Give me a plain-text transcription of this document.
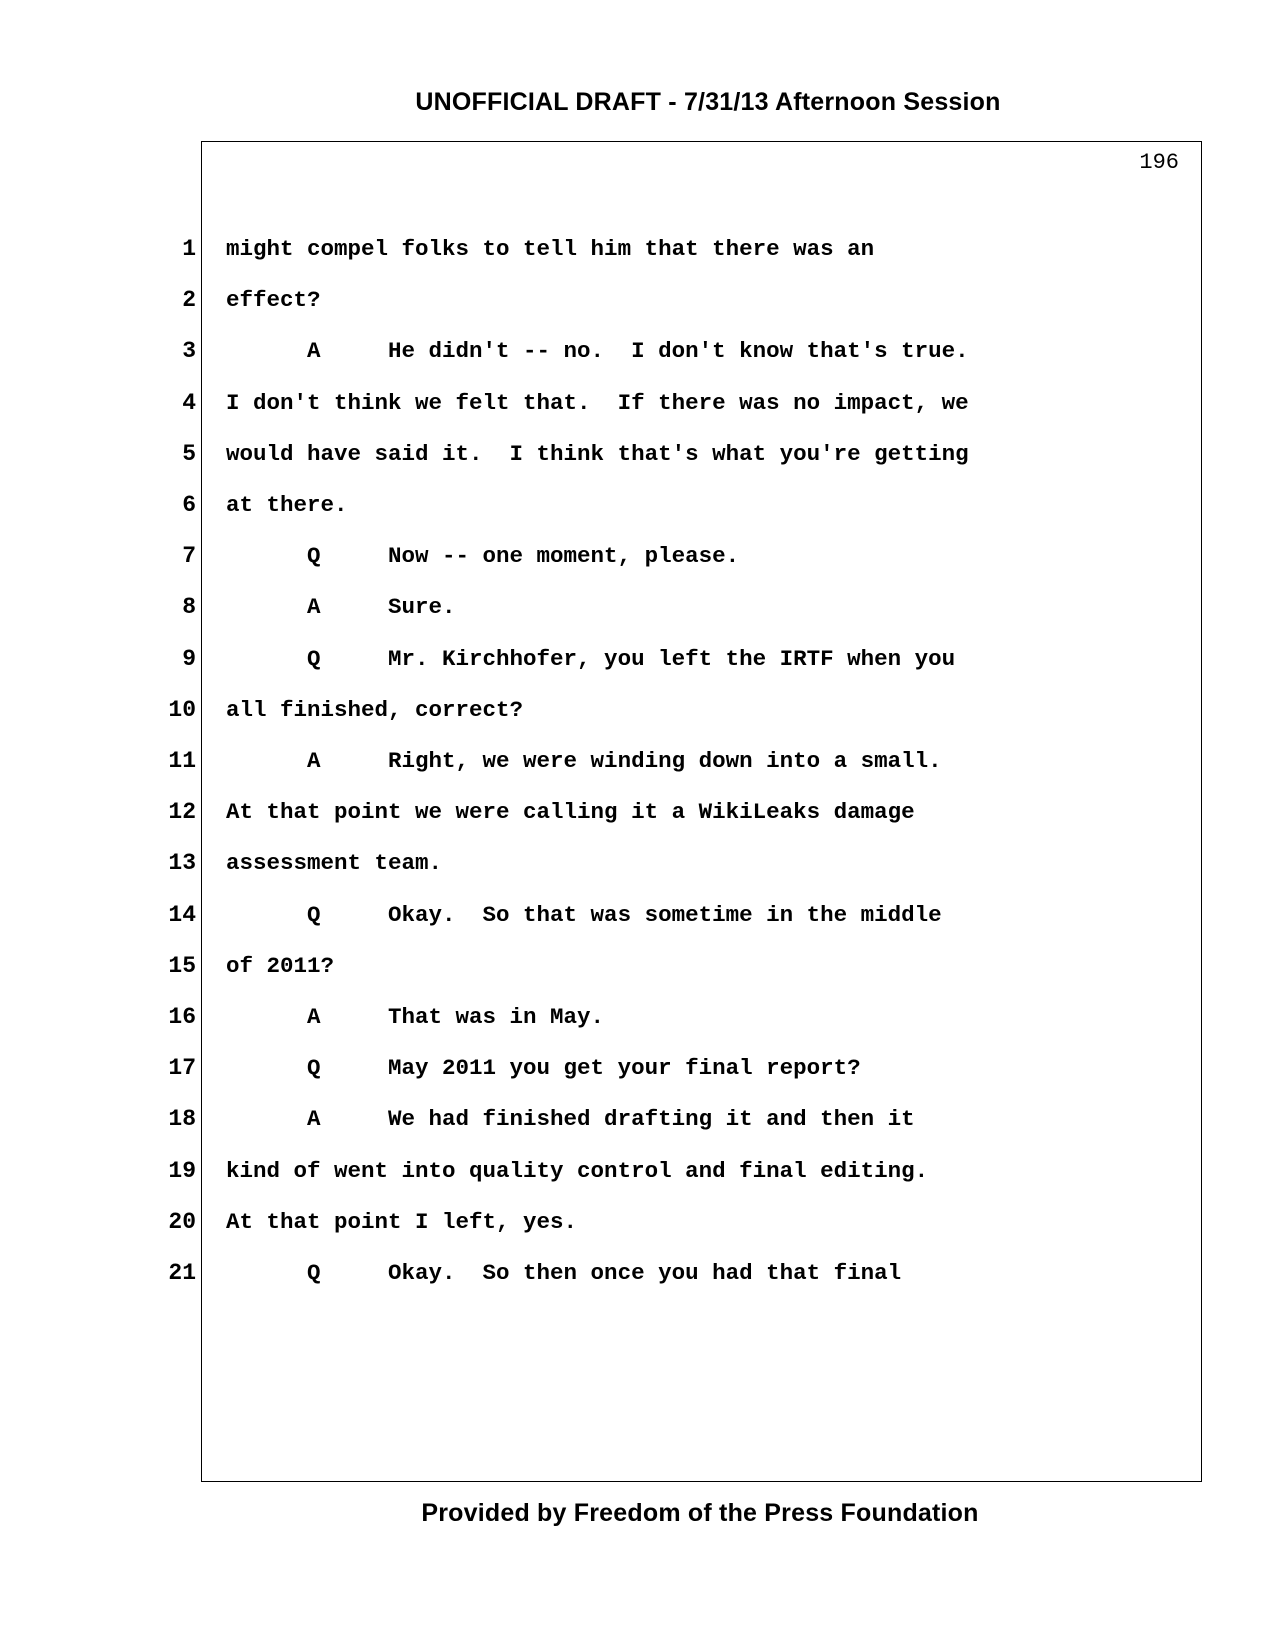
UNOFFICIAL DRAFT - 7/31/13 Afternoon Session
196
1 might compel folks to tell him that there was an
2 effect?
3 A     He didn't -- no.  I don't know that's true.
4 I don't think we felt that.  If there was no impact, we
5 would have said it.  I think that's what you're getting
6 at there.
7 Q     Now -- one moment, please.
8 A     Sure.
9 Q     Mr. Kirchhofer, you left the IRTF when you
10 all finished, correct?
11 A     Right, we were winding down into a small.
12 At that point we were calling it a WikiLeaks damage
13 assessment team.
14 Q     Okay.  So that was sometime in the middle
15 of 2011?
16 A     That was in May.
17 Q     May 2011 you get your final report?
18 A     We had finished drafting it and then it
19 kind of went into quality control and final editing.
20 At that point I left, yes.
21 Q     Okay.  So then once you had that final
Provided by Freedom of the Press Foundation
